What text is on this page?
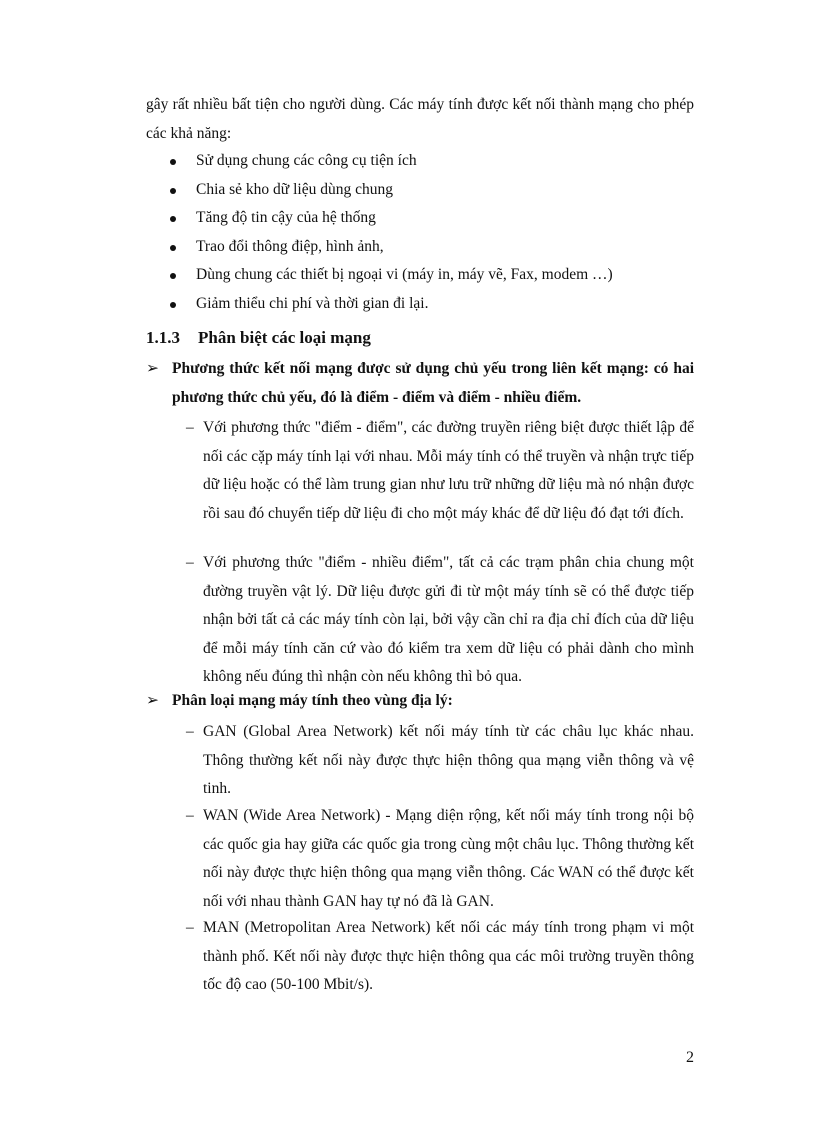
gây rất nhiều bất tiện cho người dùng. Các máy tính được kết nối thành mạng cho phép các khả năng:
Sử dụng chung các công cụ tiện ích
Chia sẻ kho dữ liệu dùng chung
Tăng độ tin cậy của hệ thống
Trao đổi thông điệp, hình ảnh,
Dùng chung các thiết bị ngoại vi (máy in, máy vẽ, Fax, modem …)
Giảm thiểu chi phí và thời gian đi lại.
1.1.3 Phân biệt các loại mạng
➢ Phương thức kết nối mạng được sử dụng chủ yếu trong liên kết mạng: có hai phương thức chủ yếu, đó là điểm - điểm và điểm - nhiều điểm.
– Với phương thức "điểm - điểm", các đường truyền riêng biệt được thiết lập để nối các cặp máy tính lại với nhau. Mỗi máy tính có thể truyền và nhận trực tiếp dữ liệu hoặc có thể làm trung gian như lưu trữ những dữ liệu mà nó nhận được rồi sau đó chuyển tiếp dữ liệu đi cho một máy khác để dữ liệu đó đạt tới đích.
– Với phương thức "điểm - nhiều điểm", tất cả các trạm phân chia chung một đường truyền vật lý. Dữ liệu được gửi đi từ một máy tính sẽ có thể được tiếp nhận bởi tất cả các máy tính còn lại, bởi vậy cần chỉ ra địa chỉ đích của dữ liệu để mỗi máy tính căn cứ vào đó kiểm tra xem dữ liệu có phải dành cho mình không nếu đúng thì nhận còn nếu không thì bỏ qua.
➢ Phân loại mạng máy tính theo vùng địa lý:
– GAN (Global Area Network) kết nối máy tính từ các châu lục khác nhau. Thông thường kết nối này được thực hiện thông qua mạng viễn thông và vệ tinh.
– WAN (Wide Area Network) - Mạng diện rộng, kết nối máy tính trong nội bộ các quốc gia hay giữa các quốc gia trong cùng một châu lục. Thông thường kết nối này được thực hiện thông qua mạng viễn thông. Các WAN có thể được kết nối với nhau thành GAN hay tự nó đã là GAN.
– MAN (Metropolitan Area Network) kết nối các máy tính trong phạm vi một thành phố. Kết nối này được thực hiện thông qua các môi trường truyền thông tốc độ cao (50-100 Mbit/s).
2
